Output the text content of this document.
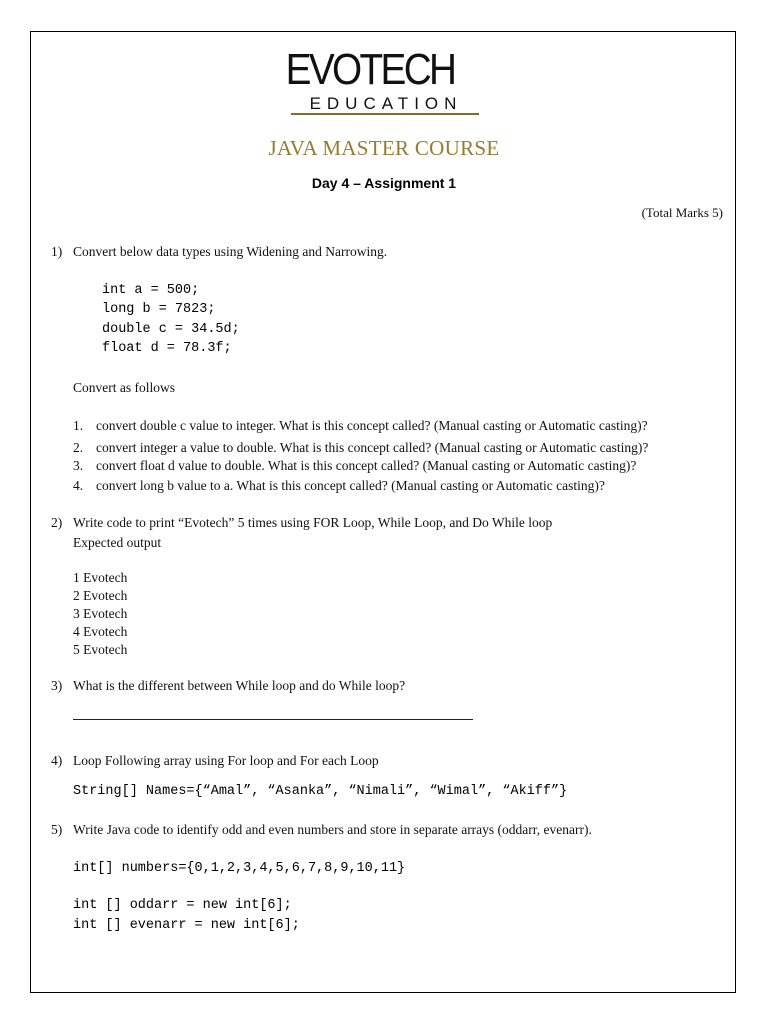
EVOTECH
EDUCATION
JAVA MASTER COURSE
Day 4 – Assignment 1
(Total Marks 5)
1) Convert below data types using Widening and Narrowing.
int a = 500;
long b = 7823;
double c = 34.5d;
float d = 78.3f;
Convert as follows
1. convert double c value to integer. What is this concept called? (Manual casting or Automatic casting)?
2. convert integer a value to double. What is this concept called? (Manual casting or Automatic casting)?
3. convert float d value to double. What is this concept called? (Manual casting or Automatic casting)?
4. convert long b value to a. What is this concept called? (Manual casting or Automatic casting)?
2) Write code to print “Evotech” 5 times using FOR Loop, While Loop, and Do While loop
Expected output
1 Evotech
2 Evotech
3 Evotech
4 Evotech
5 Evotech
3) What is the different between While loop and do While loop?
4) Loop Following array using For loop and For each Loop
String[] Names={“Amal”, “Asanka”, “Nimali”, “Wimal”, “Akiff”}
5) Write Java code to identify odd and even numbers and store in separate arrays (oddarr, evenarr).
int[] numbers={0,1,2,3,4,5,6,7,8,9,10,11}
int [] oddarr = new int[6];
int [] evenarr = new int[6];
